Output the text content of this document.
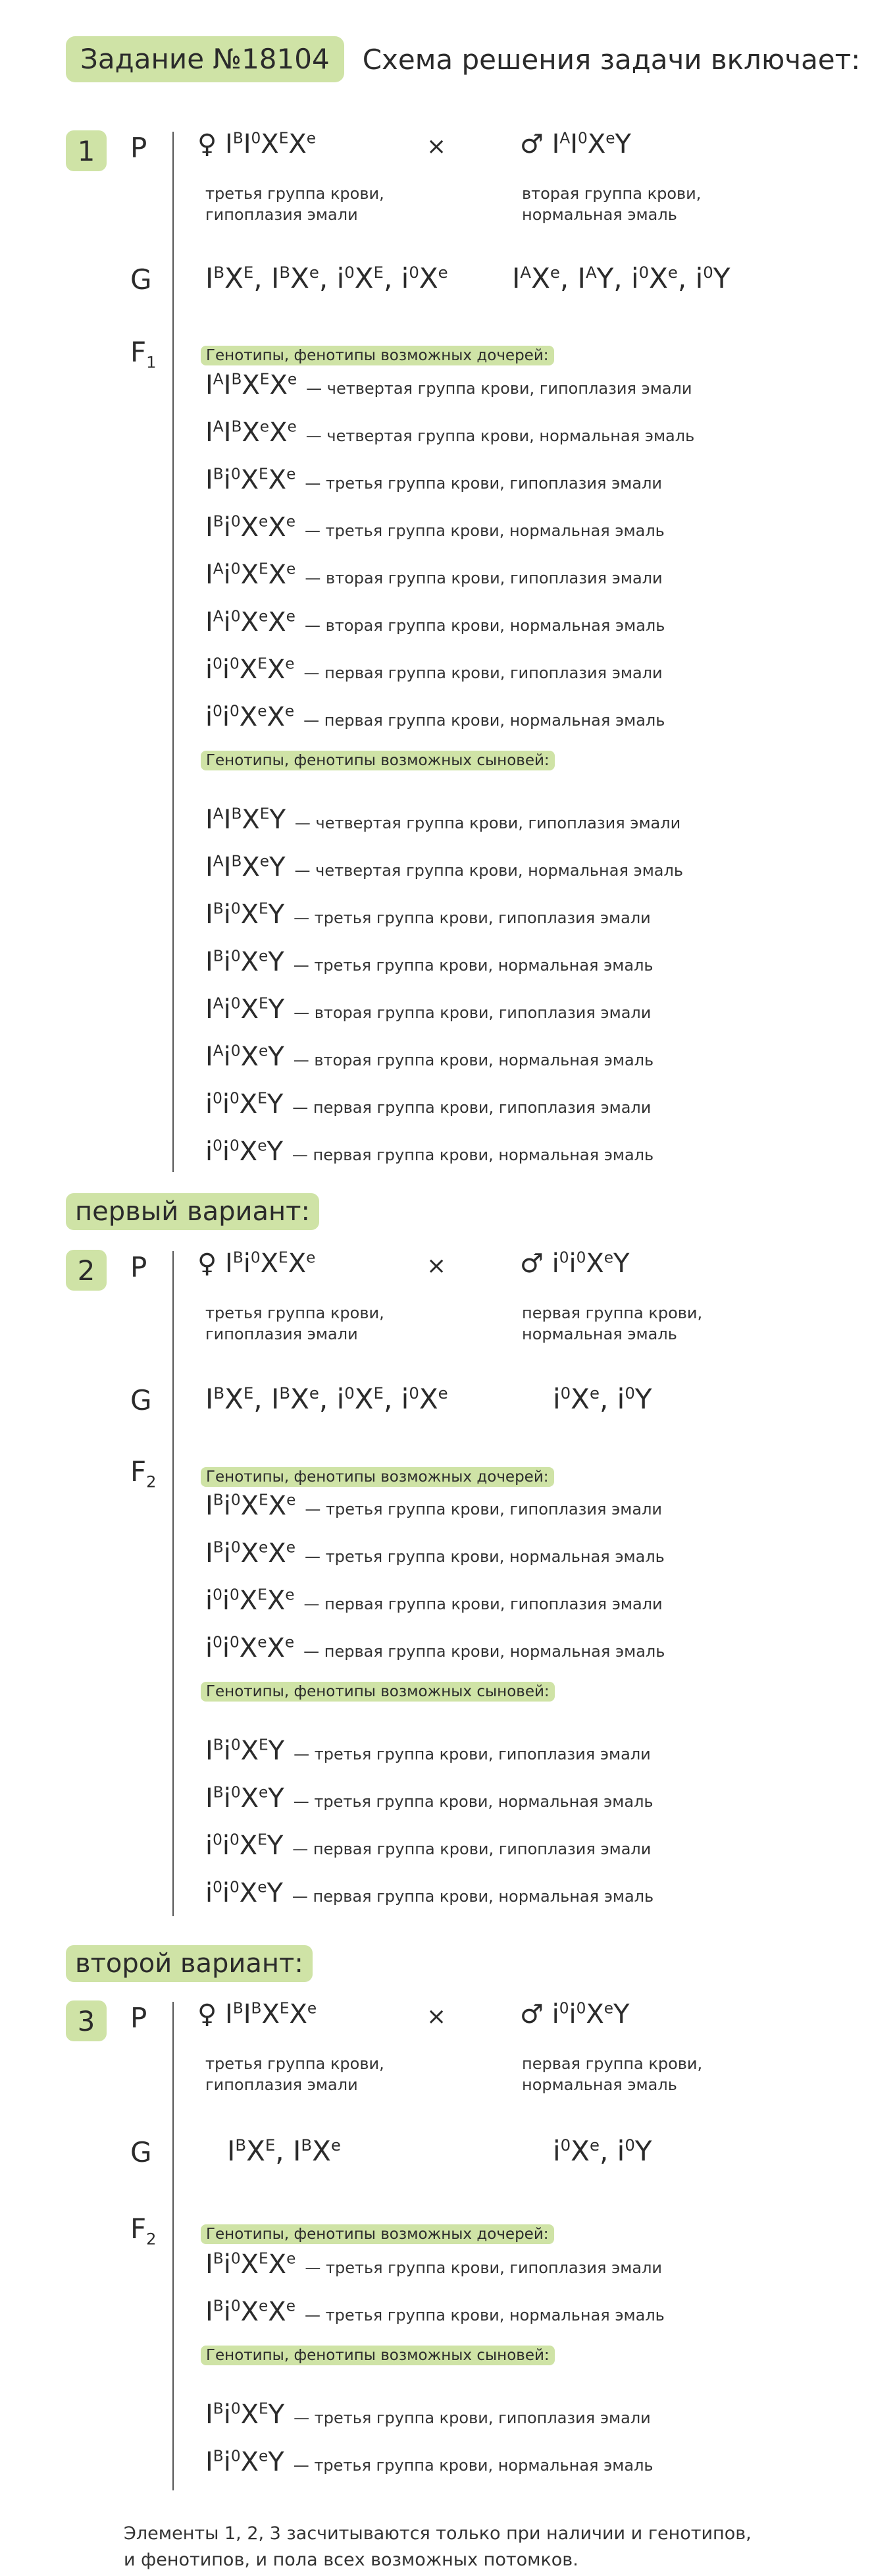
Задание №18104	Схема решения задачи включает:
1	P ♀ $I^BI^0X^EX^e$	×	♂ $I^AI^0XeY$
третья группа крови,
гипоплазия эмали
вторая группа крови,
нормальная эмаль
G $I^BX^E$, $I^BXe$, $i^0X^E$, $i^0Xe$ $I^AXe$, $I^AY$, $i^0Xe$, $i^0Y$
$F_1$	Генотипы, фенотипы возможных дочерей:
$I^AI^BX^EXe$ — четвертая группа крови, гипоплазия эмали
$I^AI^BXeXe$ — четвертая группа крови, нормальная эмаль
$I^Bi^0X^EXe$ — третья группа крови, гипоплазия эмали
$I^Bi^0XeXe$ — третья группа крови, нормальная эмаль
$I^Ai^0X^EXe$ — вторая группа крови, гипоплазия эмали
$I^Ai^0XeXe$ — вторая группа крови, нормальная эмаль
$i^0i^0X^EXe$ — первая группа крови, гипоплазия эмали
$i^0i^0XeXe$ — первая группа крови, нормальная эмаль
Генотипы, фенотипы возможных сыновей:
$I^AI^BX^EY$ — четвертая группа крови, гипоплазия эмали
$I^AI^BXeY$ — четвертая группа крови, нормальная эмаль
$I^Bi^0X^EY$ — третья группа крови, гипоплазия эмали
$I^Bi^0XeY$ — третья группа крови, нормальная эмаль
$I^Ai^0X^EY$ — вторая группа крови, гипоплазия эмали
$I^Ai^0XeY$ — вторая группа крови, нормальная эмаль
$i^0i^0X^EY$ — первая группа крови, гипоплазия эмали
$i^0i^0XeY$ — первая группа крови, нормальная эмаль
первый вариант:
2	P ♀ $I^Bi^0X^EX^e$	×	♂ $i^0i^0XeY$
третья группа крови,
гипоплазия эмали
первая группа крови,
нормальная эмаль
G $I^BX^E$, $I^BXe$, $i^0X^E$, $i^0Xe$	$i^0Xe$, $i^0Y$
$F_2$	Генотипы, фенотипы возможных дочерей:
$I^Bi^0X^EXe$ — третья группа крови, гипоплазия эмали
$I^Bi^0XeXe$ — третья группа крови, нормальная эмаль
$i^0i^0X^EXe$ — первая группа крови, гипоплазия эмали
$i^0i^0XeXe$ — первая группа крови, нормальная эмаль
Генотипы, фенотипы возможных сыновей:
$I^Bi^0X^EY$ — третья группа крови, гипоплазия эмали
$I^Bi^0XeY$ — третья группа крови, нормальная эмаль
$i^0i^0X^EY$ — первая группа крови, гипоплазия эмали
$i^0i^0XeY$ — первая группа крови, нормальная эмаль
второй вариант:
3	P ♀ $I^BI^BX^EX^e$	×	♂ $i^0i^0XeY$
третья группа крови,
гипоплазия эмали
первая группа крови,
нормальная эмаль
G	$I^BX^E$, $I^BXe$	$i^0Xe$, $i^0Y$
$F_2$	Генотипы, фенотипы возможных дочерей:
$I^Bi^0X^EXe$ — третья группа крови, гипоплазия эмали
$I^Bi^0XeXe$ — третья группа крови, нормальная эмаль
Генотипы, фенотипы возможных сыновей:
$I^Bi^0X^EY$ — третья группа крови, гипоплазия эмали
$I^Bi^0XeY$ — третья группа крови, нормальная эмаль
Элементы 1, 2, 3 засчитываются только при наличии и генотипов,
и фенотипов, и пола всех возможных потомков.
